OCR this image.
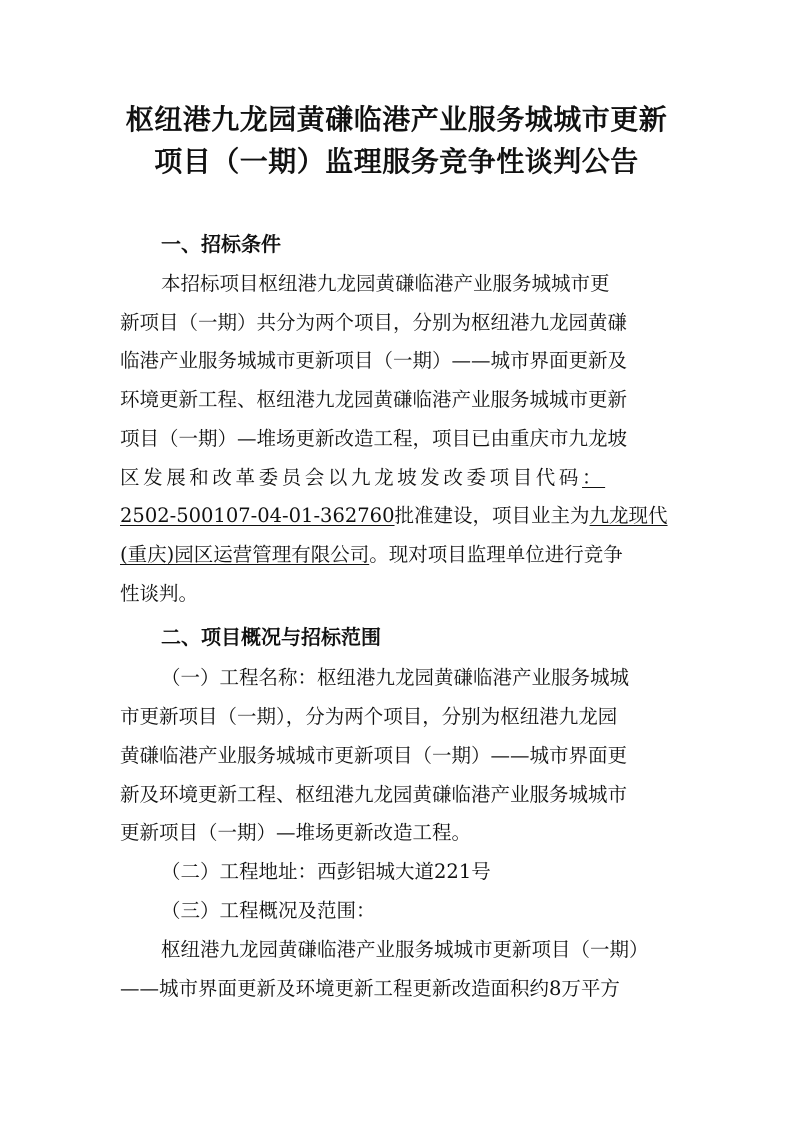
枢纽港九龙园黄磏临港产业服务城城市更新
项目（一期）监理服务竞争性谈判公告
一、招标条件
本招标项目枢纽港九龙园黄磏临港产业服务城城市更
新项目（一期）共分为两个项目，分别为枢纽港九龙园黄磏
临港产业服务城城市更新项目（一期）——城市界面更新及
环境更新工程、枢纽港九龙园黄磏临港产业服务城城市更新
项目（一期）—堆场更新改造工程，项目已由重庆市九龙坡
区发展和改革委员会以九龙坡发改委项目代码：
2502-500107-04-01-362760批准建设，项目业主为九龙现代
(重庆)园区运营管理有限公司。现对项目监理单位进行竞争
性谈判。
二、项目概况与招标范围
（一）工程名称：枢纽港九龙园黄磏临港产业服务城城
市更新项目（一期），分为两个项目，分别为枢纽港九龙园
黄磏临港产业服务城城市更新项目（一期）——城市界面更
新及环境更新工程、枢纽港九龙园黄磏临港产业服务城城市
更新项目（一期）—堆场更新改造工程。
（二）工程地址：西彭铝城大道221号
（三）工程概况及范围：
枢纽港九龙园黄磏临港产业服务城城市更新项目（一期）
——城市界面更新及环境更新工程更新改造面积约8万平方
